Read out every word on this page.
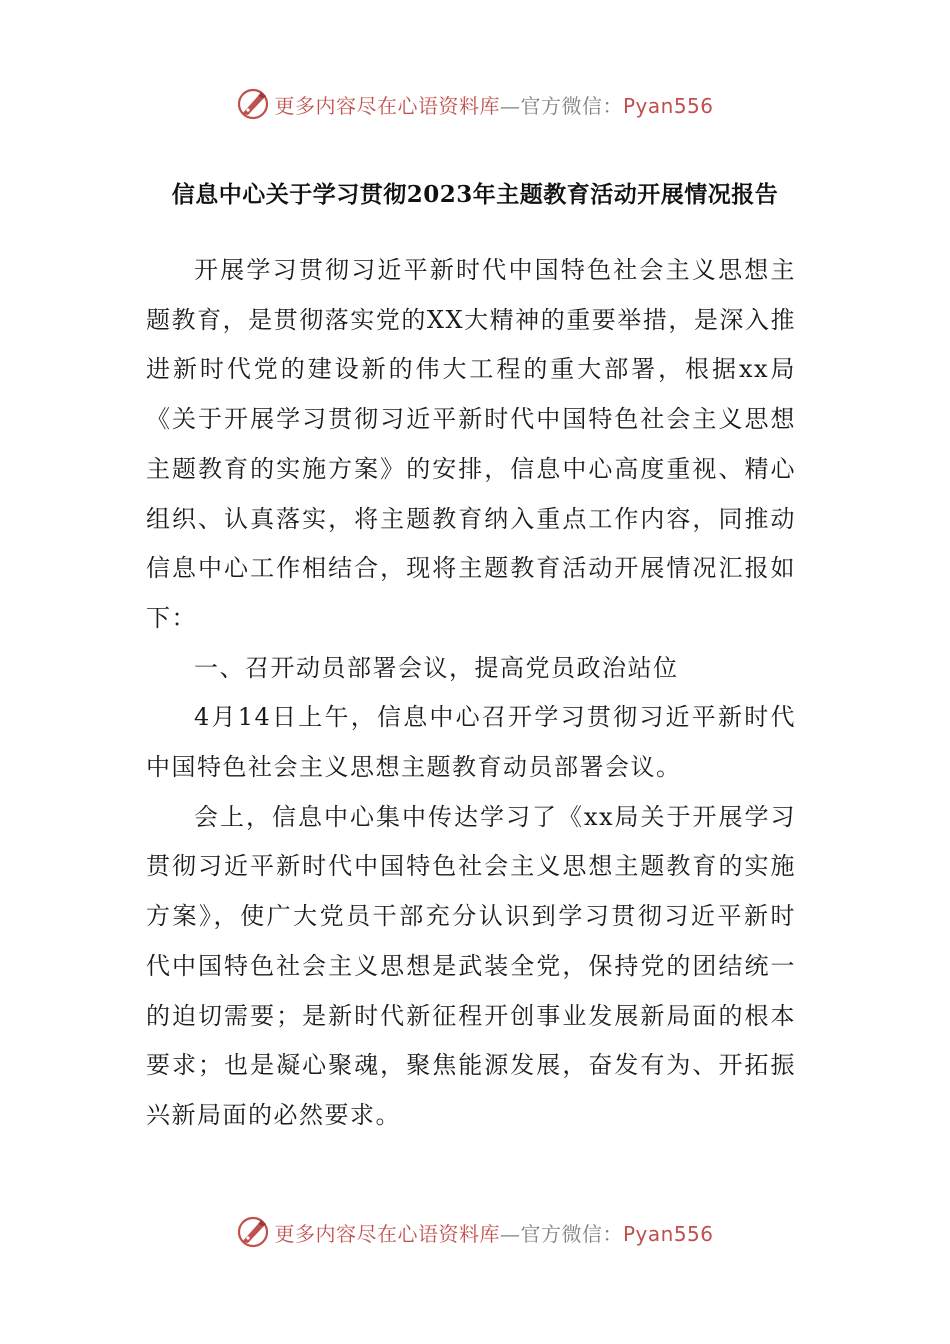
更多内容尽在心语资料库—官方微信：Pyan556
信息中心关于学习贯彻2023年主题教育活动开展情况报告

开展学习贯彻习近平新时代中国特色社会主义思想主题教育，是贯彻落实党的XX大精神的重要举措，是深入推进新时代党的建设新的伟大工程的重大部署，根据xx局《关于开展学习贯彻习近平新时代中国特色社会主义思想主题教育的实施方案》的安排，信息中心高度重视、精心组织、认真落实，将主题教育纳入重点工作内容，同推动信息中心工作相结合，现将主题教育活动开展情况汇报如下：

一、召开动员部署会议，提高党员政治站位

4月14日上午，信息中心召开学习贯彻习近平新时代中国特色社会主义思想主题教育动员部署会议。

会上，信息中心集中传达学习了《xx局关于开展学习贯彻习近平新时代中国特色社会主义思想主题教育的实施方案》，使广大党员干部充分认识到学习贯彻习近平新时代中国特色社会主义思想是武装全党，保持党的团结统一的迫切需要；是新时代新征程开创事业发展新局面的根本要求；也是凝心聚魂，聚焦能源发展，奋发有为、开拓振兴新局面的必然要求。

更多内容尽在心语资料库—官方微信：Pyan556
